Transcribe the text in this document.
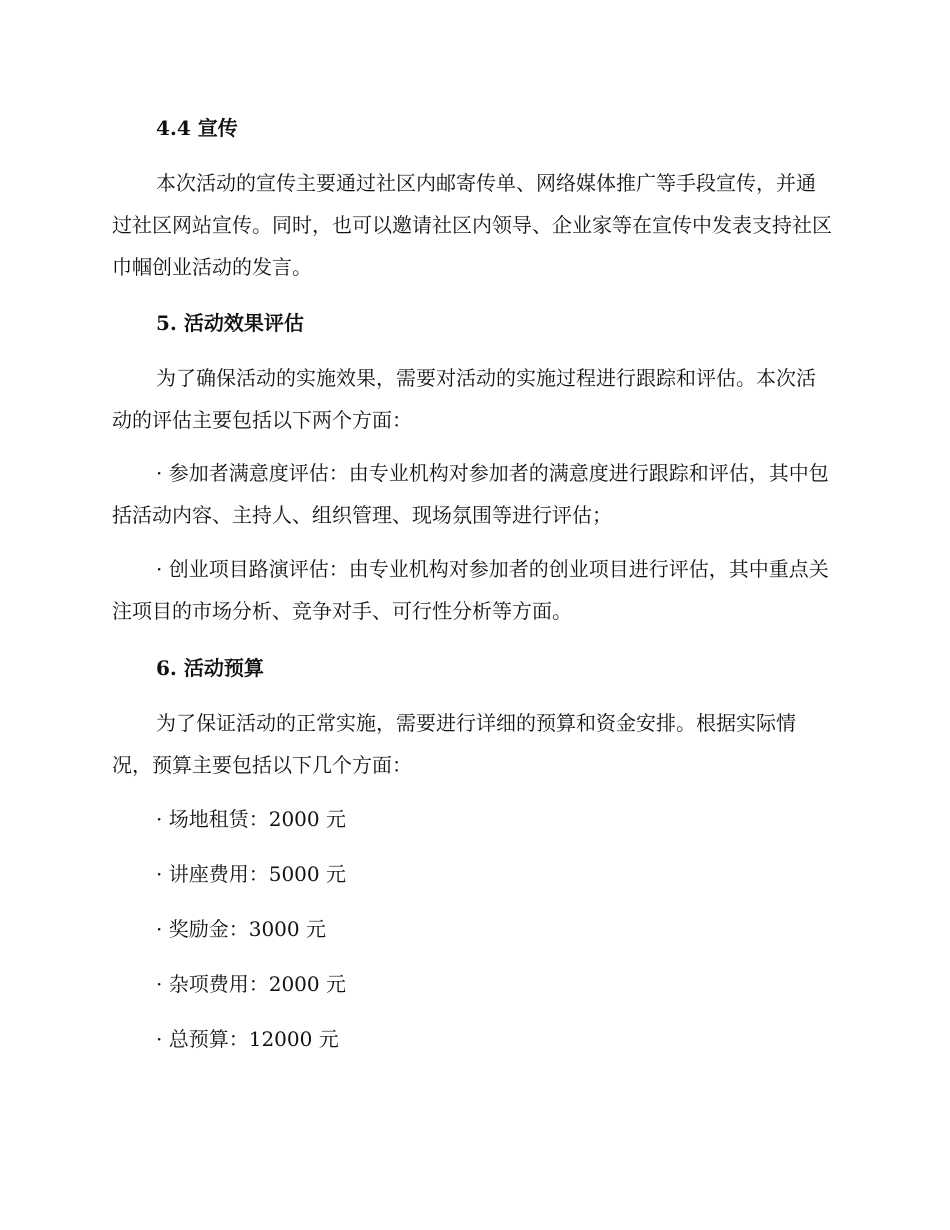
4.4 宣传

本次活动的宣传主要通过社区内邮寄传单、网络媒体推广等手段宣传，并通过社区网站宣传。同时，也可以邀请社区内领导、企业家等在宣传中发表支持社区巾帼创业活动的发言。

5. 活动效果评估

为了确保活动的实施效果，需要对活动的实施过程进行跟踪和评估。本次活动的评估主要包括以下两个方面：

· 参加者满意度评估：由专业机构对参加者的满意度进行跟踪和评估，其中包括活动内容、主持人、组织管理、现场氛围等进行评估；

· 创业项目路演评估：由专业机构对参加者的创业项目进行评估，其中重点关注项目的市场分析、竞争对手、可行性分析等方面。

6. 活动预算

为了保证活动的正常实施，需要进行详细的预算和资金安排。根据实际情况，预算主要包括以下几个方面：

· 场地租赁：2000 元
· 讲座费用：5000 元
· 奖励金：3000 元
· 杂项费用：2000 元
· 总预算：12000 元
